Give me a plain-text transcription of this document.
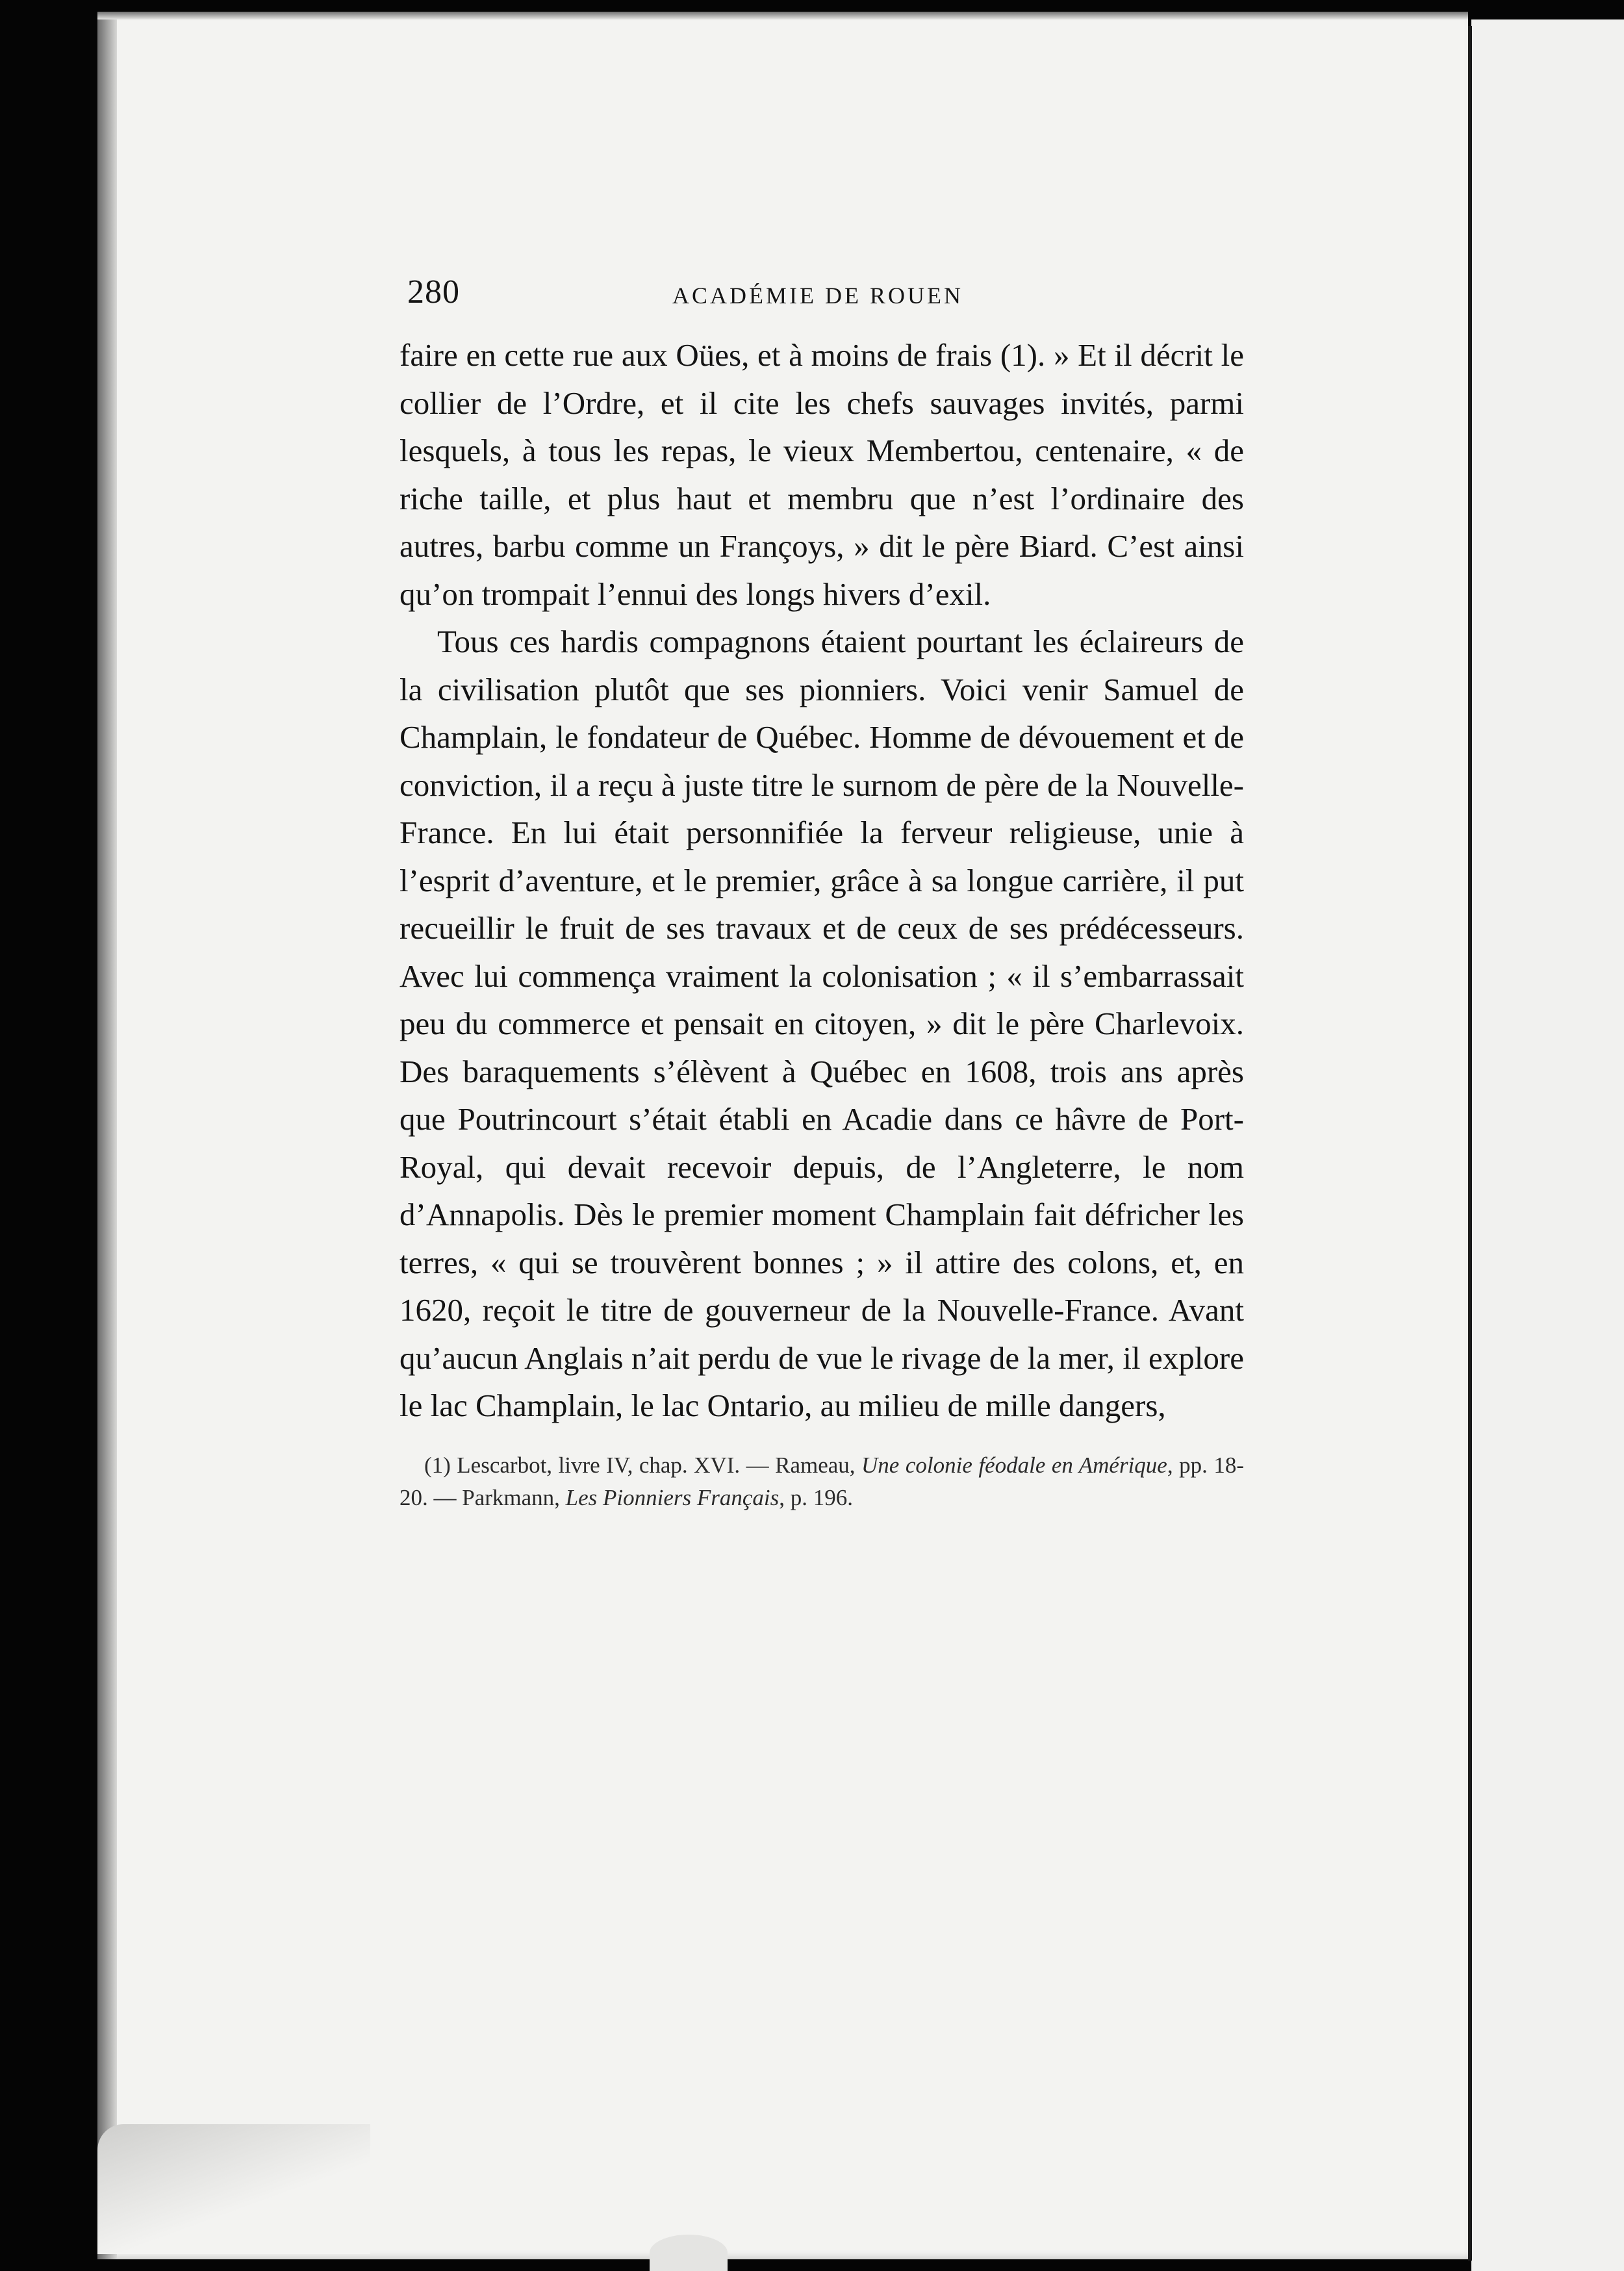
280	ACADÉMIE DE ROUEN

faire en cette rue aux Oües, et à moins de frais (1). » Et il décrit le collier de l’Ordre, et il cite les chefs sauvages invités, parmi lesquels, à tous les repas, le vieux Membertou, centenaire, « de riche taille, et plus haut et membru que n’est l’ordinaire des autres, barbu comme un Françoys, » dit le père Biard. C’est ainsi qu’on trompait l’ennui des longs hivers d’exil.

Tous ces hardis compagnons étaient pourtant les éclaireurs de la civilisation plutôt que ses pionniers. Voici venir Samuel de Champlain, le fondateur de Québec. Homme de dévouement et de conviction, il a reçu à juste titre le surnom de père de la Nouvelle-France. En lui était personnifiée la ferveur religieuse, unie à l’esprit d’aventure, et le premier, grâce à sa longue carrière, il put recueillir le fruit de ses travaux et de ceux de ses prédécesseurs. Avec lui commença vraiment la colonisation ; « il s’embarrassait peu du commerce et pensait en citoyen, » dit le père Charlevoix. Des baraquements s’élèvent à Québec en 1608, trois ans après que Poutrincourt s’était établi en Acadie dans ce hâvre de Port-Royal, qui devait recevoir depuis, de l’Angleterre, le nom d’Annapolis. Dès le premier moment Champlain fait défricher les terres, « qui se trouvèrent bonnes ; » il attire des colons, et, en 1620, reçoit le titre de gouverneur de la Nouvelle-France. Avant qu’aucun Anglais n’ait perdu de vue le rivage de la mer, il explore le lac Champlain, le lac Ontario, au milieu de mille dangers,

(1) Lescarbot, livre IV, chap. XVI. — Rameau, Une colonie féodale en Amérique, pp. 18-20. — Parkmann, Les Pionniers Français, p. 196.
